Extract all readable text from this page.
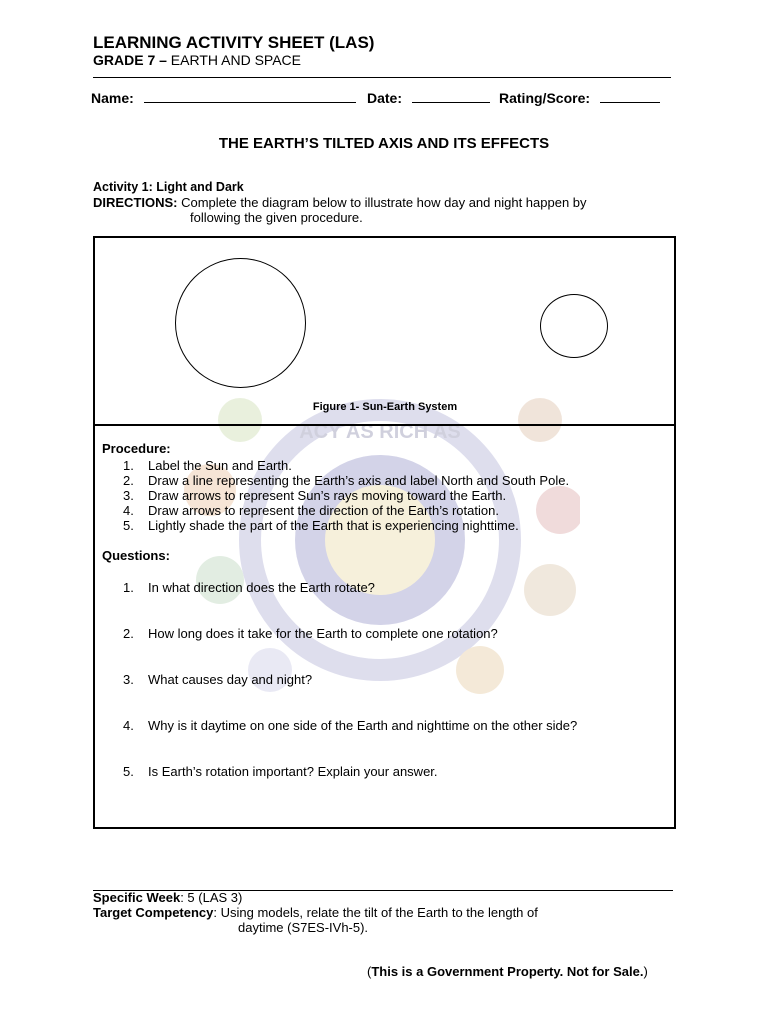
LEARNING ACTIVITY SHEET (LAS)
GRADE 7 – EARTH AND SPACE
Name:	Date:	Rating/Score:
THE EARTH’S TILTED AXIS AND ITS EFFECTS
Activity 1: Light and Dark
DIRECTIONS: Complete the diagram below to illustrate how day and night happen by
following the given procedure.
ACY AS RICH AS
Figure 1- Sun-Earth System
Procedure:
1.	Label the Sun and Earth.
2.	Draw a line representing the Earth’s axis and label North and South Pole.
3.	Draw arrows to represent Sun’s rays moving toward the Earth.
4.	Draw arrows to represent the direction of the Earth’s rotation.
5.	Lightly shade the part of the Earth that is experiencing nighttime.
Questions:
1.	In what direction does the Earth rotate?
2.	How long does it take for the Earth to complete one rotation?
3.	What causes day and night?
4.	Why is it daytime on one side of the Earth and nighttime on the other side?
5.	Is Earth’s rotation important? Explain your answer.
Specific Week: 5 (LAS 3)
Target Competency: Using models, relate the tilt of the Earth to the length of
daytime (S7ES-IVh-5).
(This is a Government Property. Not for Sale.)
